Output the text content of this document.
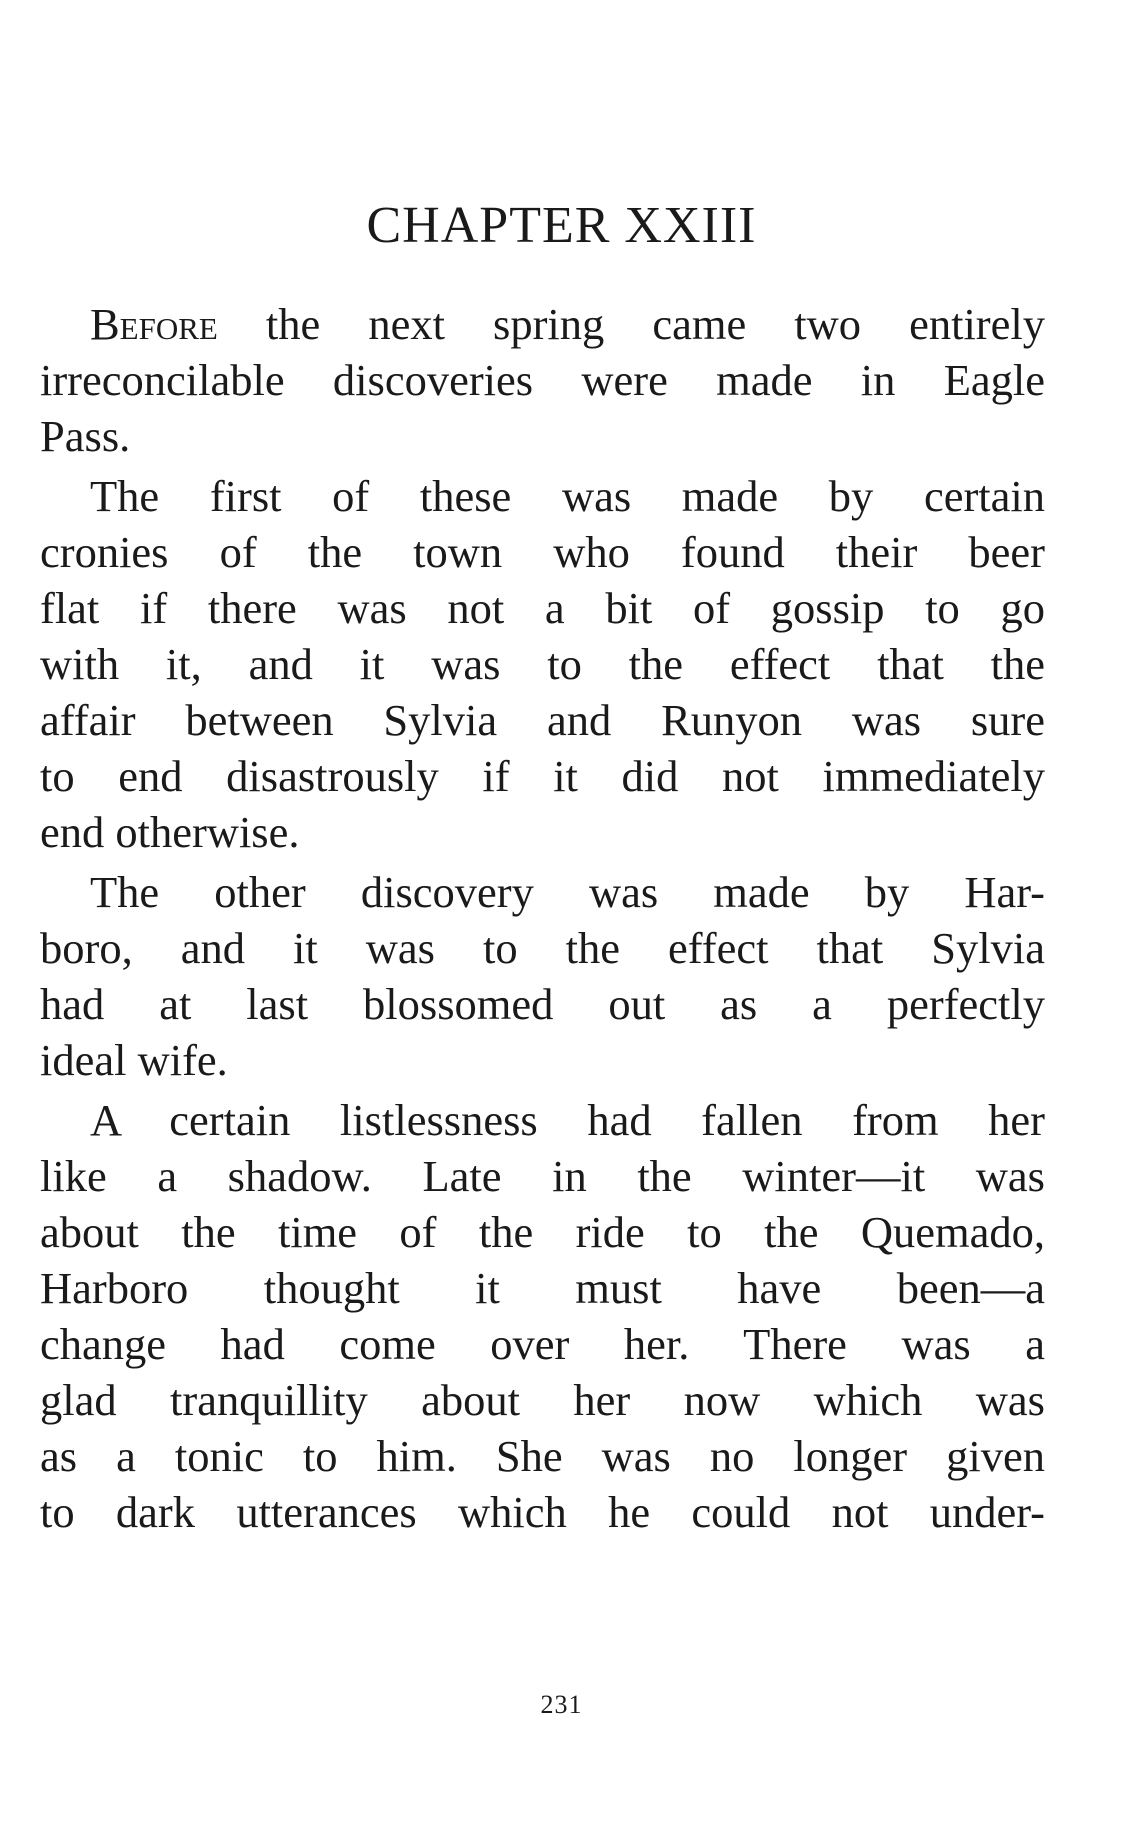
CHAPTER XXIII
Before the next spring came two entirely
irreconcilable discoveries were made in Eagle
Pass.
The first of these was made by certain
cronies of the town who found their beer
flat if there was not a bit of gossip to go
with it, and it was to the effect that the
affair between Sylvia and Runyon was sure
to end disastrously if it did not immediately
end otherwise.
The other discovery was made by Har-
boro, and it was to the effect that Sylvia
had at last blossomed out as a perfectly
ideal wife.
A certain listlessness had fallen from her
like a shadow. Late in the winter—it was
about the time of the ride to the Quemado,
Harboro thought it must have been—a
change had come over her. There was a
glad tranquillity about her now which was
as a tonic to him. She was no longer given
to dark utterances which he could not under-
231
